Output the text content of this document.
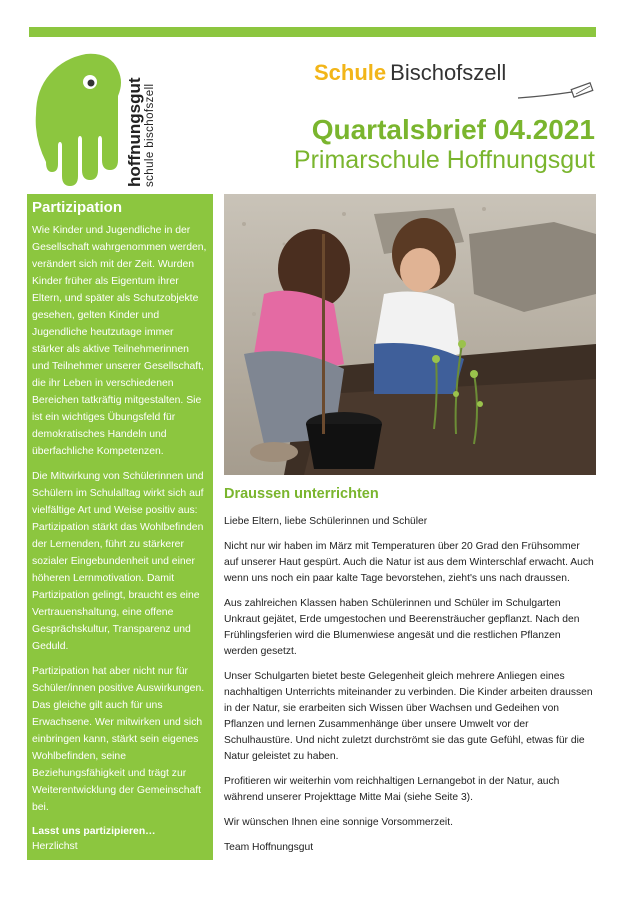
hoffnungsgut schule bischofszell
Schule Bischofszell
Quartalsbrief 04.2021
Primarschule Hoffnungsgut
Partizipation

Wie Kinder und Jugendliche in der Gesellschaft wahrgenommen werden, verändert sich mit der Zeit. Wurden Kinder früher als Eigentum ihrer Eltern, und später als Schutzobjekte gesehen, gelten Kinder und Jugendliche heutzutage immer stärker als aktive Teilnehmerinnen und Teilnehmer unserer Gesellschaft, die ihr Leben in verschiedenen Bereichen tatkräftig mitgestalten. Sie ist ein wichtiges Übungsfeld für demokratisches Handeln und überfachliche Kompetenzen.

Die Mitwirkung von Schülerinnen und Schülern im Schulalltag wirkt sich auf vielfältige Art und Weise positiv aus: Partizipation stärkt das Wohlbefinden der Lernenden, führt zu stärkerer sozialer Eingebundenheit und einer höheren Lernmotivation. Damit Partizipation gelingt, braucht es eine Vertrauenshaltung, eine offene Gesprächskultur, Transparenz und Geduld.

Partizipation hat aber nicht nur für Schüler/innen positive Auswirkungen. Das gleiche gilt auch für uns Erwachsene. Wer mitwirken und sich einbringen kann, stärkt sein eigenes Wohlbefinden, seine Beziehungsfähigkeit und trägt zur Weiterentwicklung der Gemeinschaft bei.

Lasst uns partizipieren…
Herzlichst
Michael Knechtle, Schulleiter
Draussen unterrichten

Liebe Eltern, liebe Schülerinnen und Schüler

Nicht nur wir haben im März mit Temperaturen über 20 Grad den Frühsommer auf unserer Haut gespürt. Auch die Natur ist aus dem Winterschlaf erwacht. Auch wenn uns noch ein paar kalte Tage bevorstehen, zieht's uns nach draussen.

Aus zahlreichen Klassen haben Schülerinnen und Schüler im Schulgarten Unkraut gejätet, Erde umgestochen und Beerensträucher gepflanzt. Nach den Frühlingsferien wird die Blumenwiese angesät und die restlichen Pflanzen werden gesetzt.

Unser Schulgarten bietet beste Gelegenheit gleich mehrere Anliegen eines nachhaltigen Unterrichts miteinander zu verbinden. Die Kinder arbeiten draussen in der Natur, sie erarbeiten sich Wissen über Wachsen und Gedeihen von Pflanzen und lernen Zusammenhänge über unsere Umwelt vor der Schulhaustüre. Und nicht zuletzt durchströmt sie das gute Gefühl, etwas für die Natur geleistet zu haben.

Profitieren wir weiterhin vom reichhaltigen Lernangebot in der Natur, auch während unserer Projekttage Mitte Mai (siehe Seite 3).

Wir wünschen Ihnen eine sonnige Vorsommerzeit.

Team Hoffnungsgut
